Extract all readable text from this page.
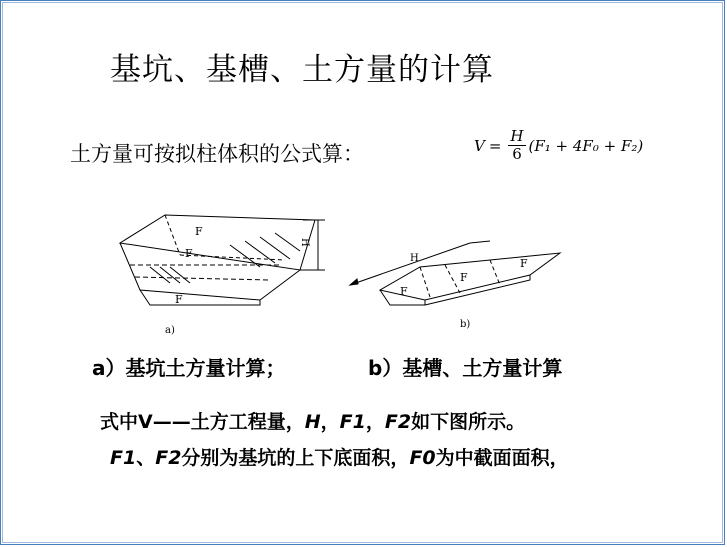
基坑、基槽、土方量的计算
土方量可按拟柱体积的公式算：	$V = \frac{H}{6} (F_1 + 4F_0 + F_2)$
F
F
F
H
a)
F
F
F
H
b)
a）基坑土方量计算；	b）基槽、土方量计算
式中V——土方工程量，H，F1，F2如下图所示。
F1、F2分别为基坑的上下底面积，F0为中截面面积，
